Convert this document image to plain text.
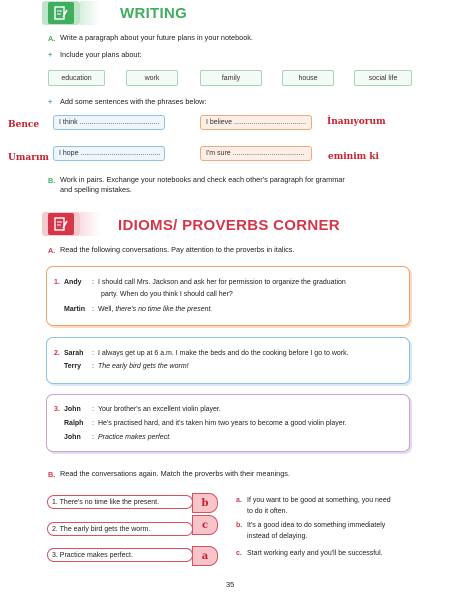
WRITING
A. Write a paragraph about your future plans in your notebook.
+ Include your plans about:
education	work	family	house	social life
+ Add some sentences with the phrases below:
Bence	I think .........................................	I believe .....................................	İnanıyorum
Umarım	I hope .........................................	I'm sure .....................................	eminim ki
B. Work in pairs. Exchange your notebooks and check each other's paragraph for grammar
and spelling mistakes.
IDIOMS/ PROVERBS CORNER
A. Read the following conversations. Pay attention to the proverbs in italics.
1. Andy	: I should call Mrs. Jackson and ask her for permission to organize the graduation
party. When do you think I should call her?
Martin	: Well, there's no time like the present.
2. Sarah	: I always get up at 6 a.m. I make the beds and do the cooking before I go to work.
Terry	: The early bird gets the worm!
3. John	: Your brother's an excellent violin player.
Ralph	: He's practised hard, and it's taken him two years to become a good violin player.
John	: Practice makes perfect.
B. Read the conversations again. Match the proverbs with their meanings.
1. There's no time like the present.	b
2. The early bird gets the worm.	c
3. Practice makes perfect.	a
a. If you want to be good at something, you need
to do it often.
b. It's a good idea to do something immediately
instead of delaying.
c. Start working early and you'll be successful.
35
